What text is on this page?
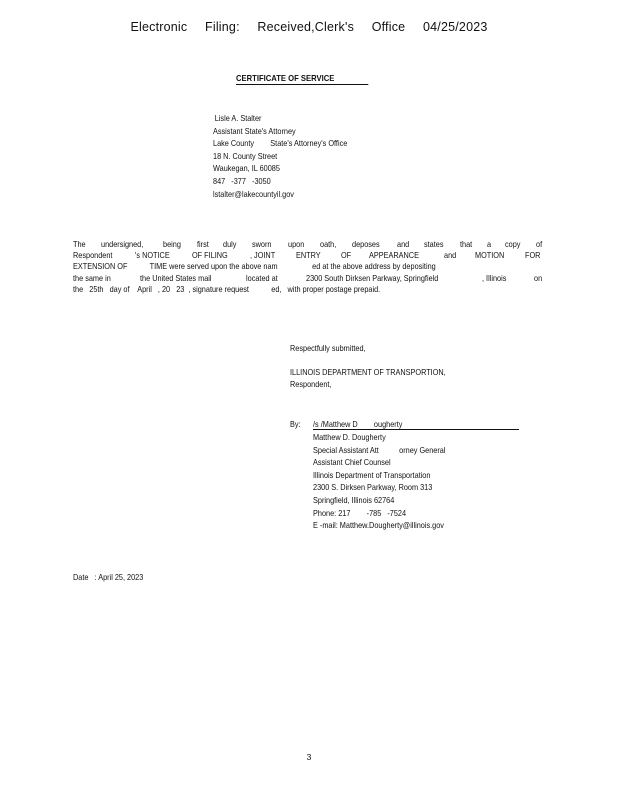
Electronic Filing: Received,Clerk's Office 04/25/2023
CERTIFICATE OF SERVICE
Lisle A. Stalter
Assistant State's Attorney
Lake County        State's Attorney's Office
18 N. County Street
Waukegan, IL 60085
847   -377   -3050
lstalter@lakecountyil.gov
The undersigned, being first duly sworn upon oath, deposes and states that a copy of
Respondent	's NOTICE	OF FILING	, JOINT ENTRY OF APPEARANCE	and MOTION FOR
EXTENSION OF           TIME were served upon the above nam                 ed at the above address by depositing
the same in	the United States mail	located at	2300 South Dirksen Parkway, Springfield	, Illinois	on
the   25th   day of    April   , 20   23  , signature request           ed,   with proper postage prepaid.
Respectfully submitted,
ILLINOIS DEPARTMENT OF TRANSPORTION,
Respondent,
By: /s /Matthew D        ougherty
Matthew D. Dougherty
Special Assistant Att          orney General
Assistant Chief Counsel
Illinois Department of Transportation
2300 S. Dirksen Parkway, Room 313
Springfield, Illinois 62764
Phone: 217        -785   -7524
E -mail: Matthew.Dougherty@illinois.gov
Date   : April 25, 2023
3
